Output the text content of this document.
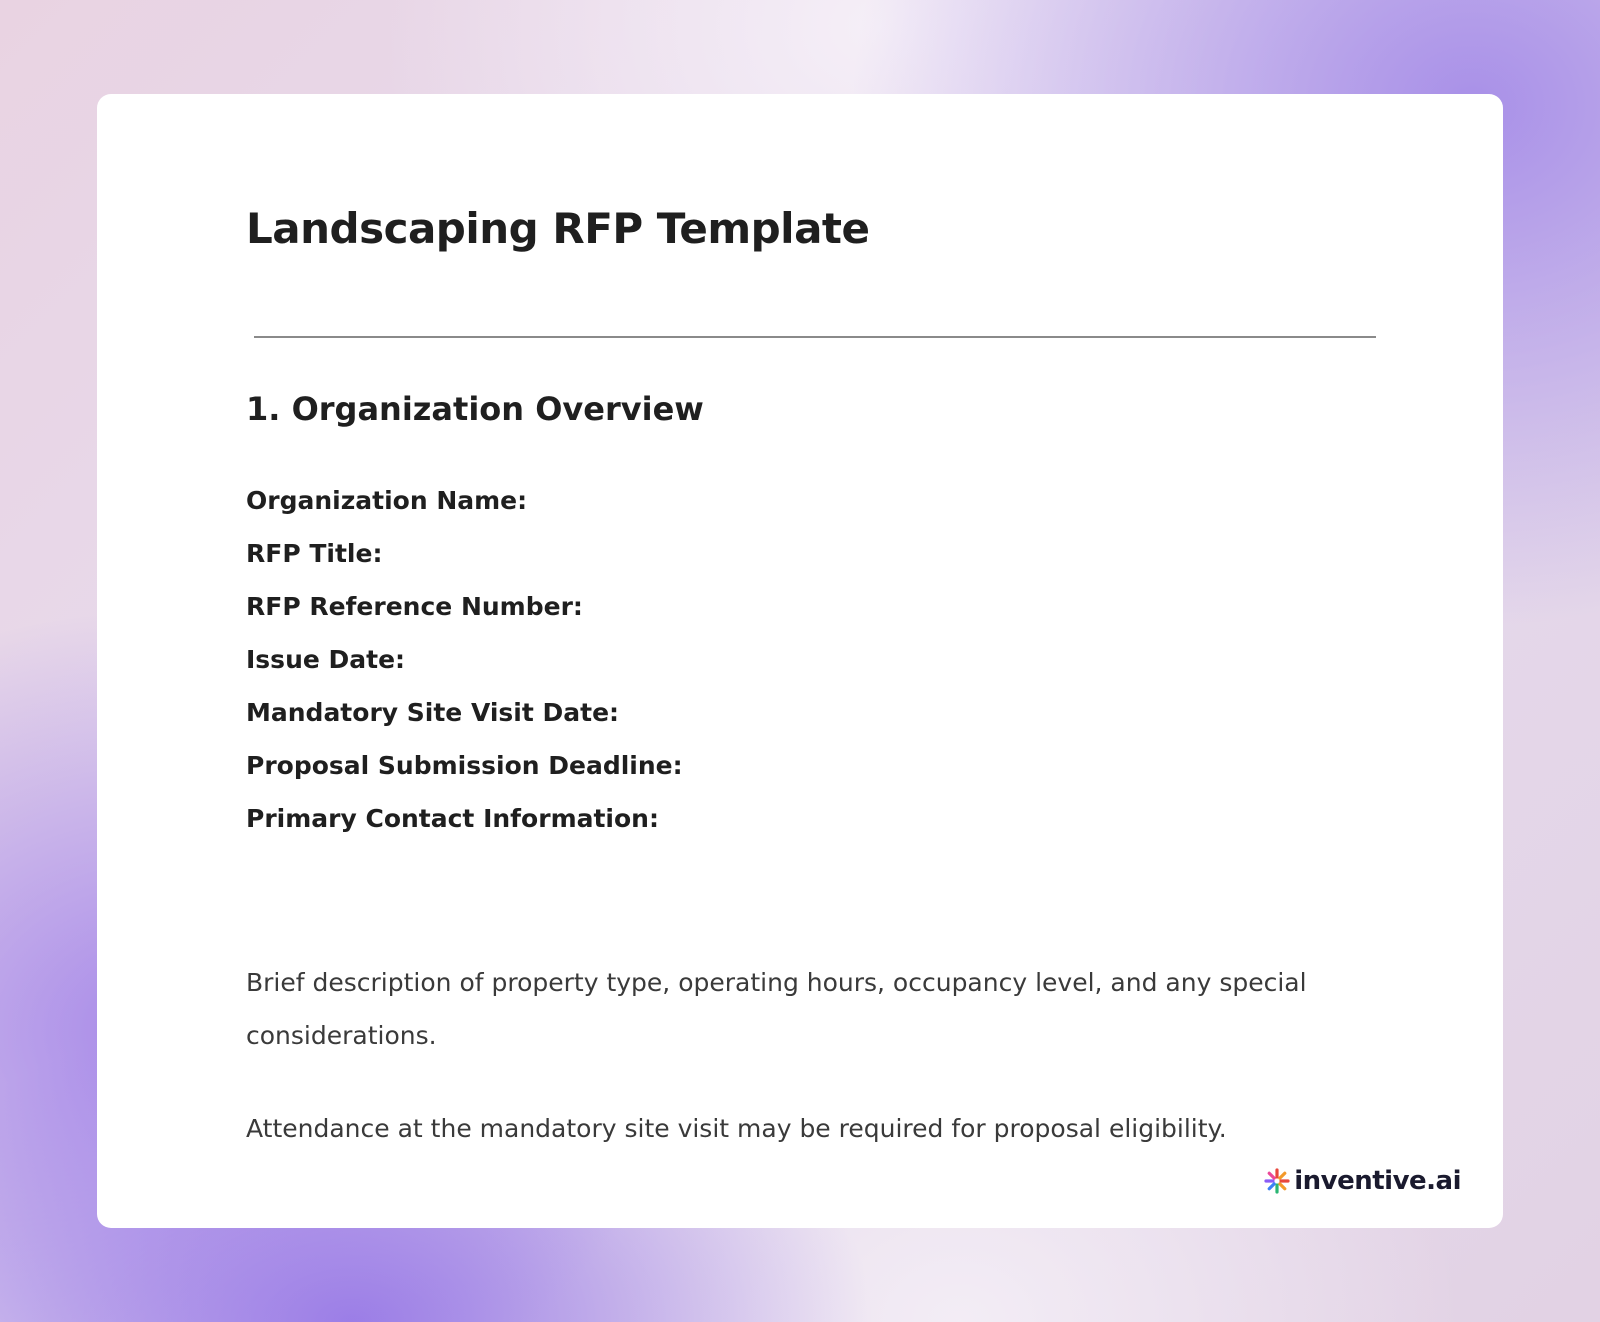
Landscaping RFP Template
1. Organization Overview
Organization Name:
RFP Title:
RFP Reference Number:
Issue Date:
Mandatory Site Visit Date:
Proposal Submission Deadline:
Primary Contact Information:

Brief description of property type, operating hours, occupancy level, and any special considerations.

Attendance at the mandatory site visit may be required for proposal eligibility.

inventive.ai
